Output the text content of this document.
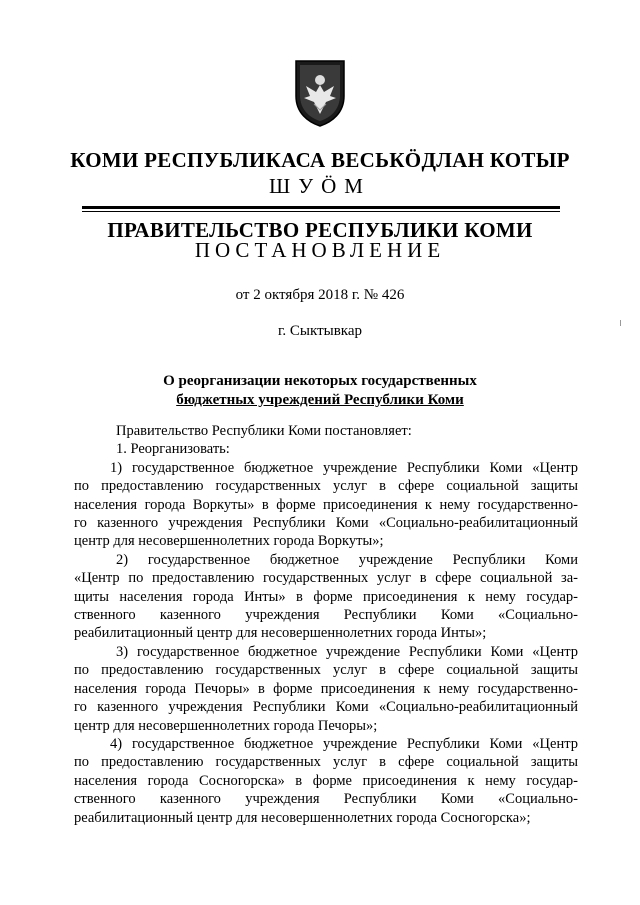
КОМИ РЕСПУБЛИКАСА ВЕСЬКӦДЛАН КОТЫР
ШУÖМ
ПРАВИТЕЛЬСТВО РЕСПУБЛИКИ КОМИ
ПОСТАНОВЛЕНИЕ
от 2 октября 2018 г. № 426
г. Сыктывкар
О реорганизации некоторых государственных
бюджетных учреждений Республики Коми

Правительство Республики Коми постановляет:

1. Реорганизовать:

1) государственное бюджетное учреждение Республики Коми «Центр

по предоставлению государственных услуг в сфере социальной защиты

населения города Воркуты» в форме присоединения к нему государственно-

го казенного учреждения Республики Коми «Социально-реабилитационный

центр для несовершеннолетних города Воркуты»;

2) государственное бюджетное учреждение Республики Коми

«Центр по предоставлению государственных услуг в сфере социальной за-

щиты населения города Инты» в форме присоединения к нему государ-

ственного казенного учреждения Республики Коми «Социально-

реабилитационный центр для несовершеннолетних города Инты»;

3) государственное бюджетное учреждение Республики Коми «Центр

по предоставлению государственных услуг в сфере социальной защиты

населения города Печоры» в форме присоединения к нему государственно-

го казенного учреждения Республики Коми «Социально-реабилитационный

центр для несовершеннолетних города Печоры»;

4) государственное бюджетное учреждение Республики Коми «Центр

по предоставлению государственных услуг в сфере социальной защиты

населения города Сосногорска» в форме присоединения к нему государ-

ственного казенного учреждения Республики Коми «Социально-

реабилитационный центр для несовершеннолетних города Сосногорска»;
